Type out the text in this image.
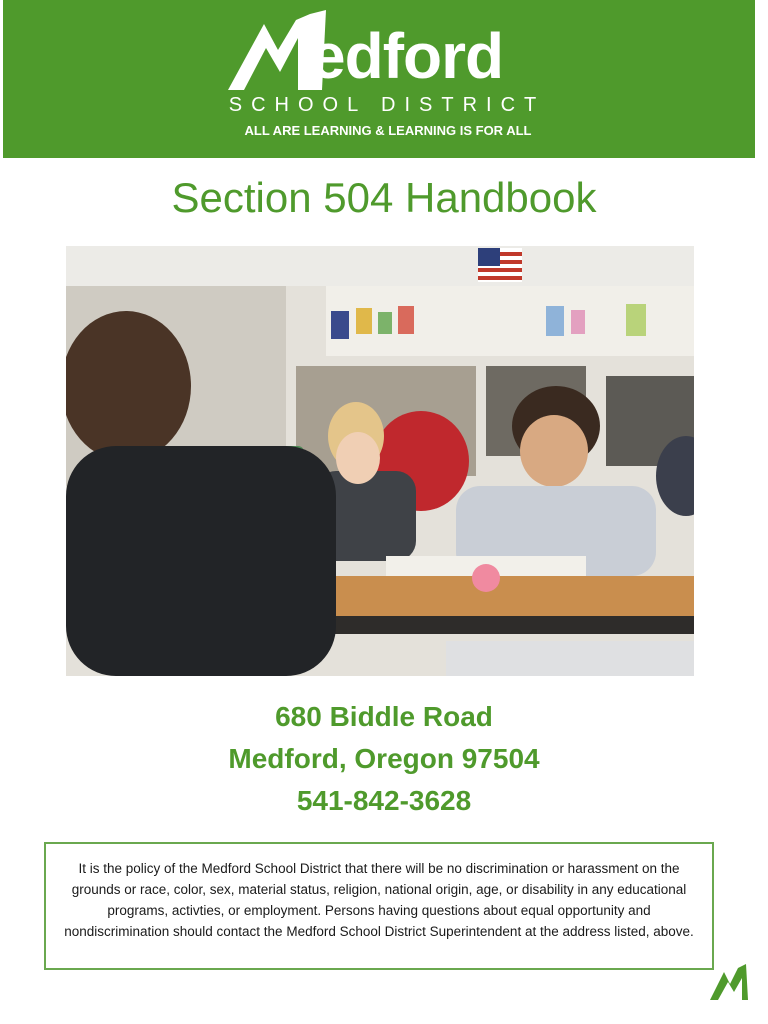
edford
SCHOOL DISTRICT
ALL ARE LEARNING & LEARNING IS FOR ALL
Section 504 Handbook
680 Biddle Road
Medford, Oregon 97504
541-842-3628
It is the policy of the Medford School District that there will be no discrimination or harassment on the grounds or race, color, sex, material status, religion, national origin, age, or disability in any educational programs, activties, or employment. Persons having questions about equal opportunity and nondiscrimination should contact the Medford School District Superintendent at the address listed, above.
